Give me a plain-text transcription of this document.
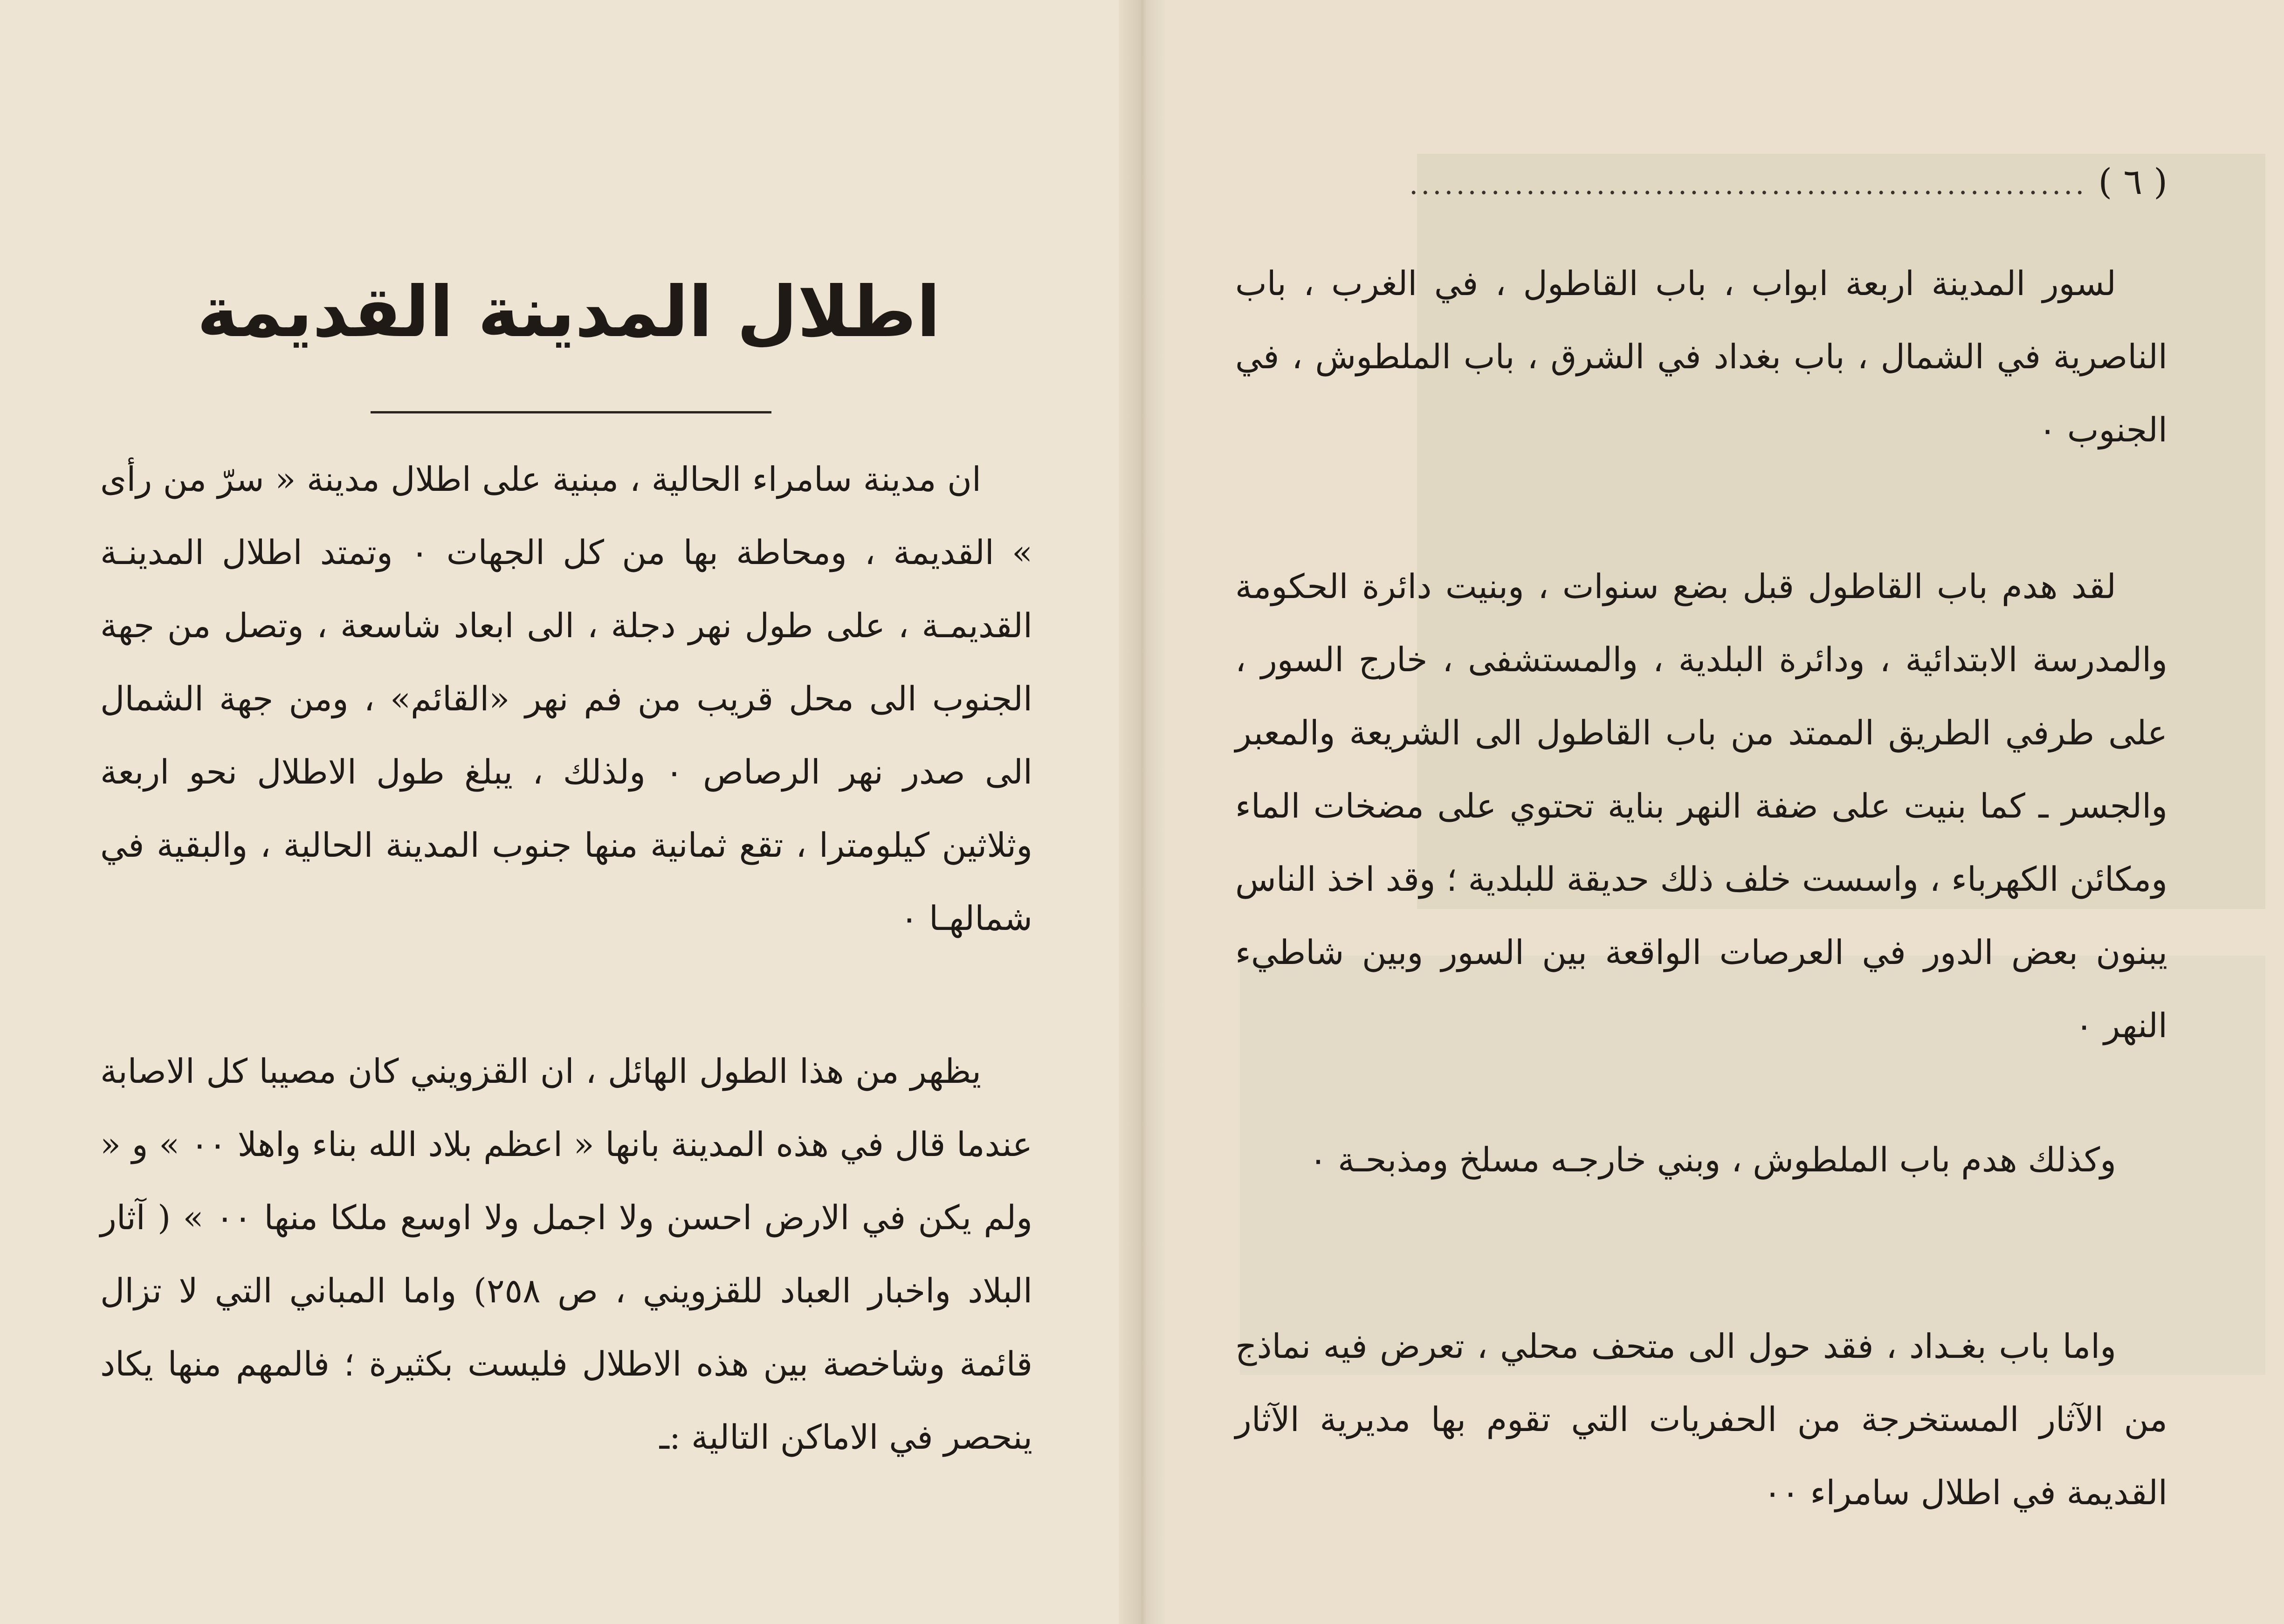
( ٦ ) ..........................................................
اطلال المدينة القديمة

ان مدينة سامراء الحالية ، مبنية على اطلال مدينة « سرّ من رأى » القديمة ، ومحاطة بها من كل الجهات ٠ وتمتد اطلال المدينـة القديمـة ، على طول نهر دجلة ، الى ابعاد شاسعة ، وتصل من جهة الجنوب الى محل قريب من فم نهر «القائم» ، ومن جهة الشمال الى صدر نهر الرصاص ٠ ولذلك ، يبلغ طول الاطلال نحو اربعة وثلاثين كيلومترا ، تقع ثمانية منها جنوب المدينة الحالية ، والبقية في شمالهـا ٠

يظهر من هذا الطول الهائل ، ان القزويني كان مصيبا كل الاصابة عندما قال في هذه المدينة بانها « اعظم بلاد الله بناء واهلا ٠٠ » و « ولم يكن في الارض احسن ولا اجمل ولا اوسع ملكا منها ٠٠ » ( آثار البلاد واخبار العباد للقزويني ، ص ٢٥٨) واما المباني التي لا تزال قائمة وشاخصة بين هذه الاطلال فليست بكثيرة ؛ فالمهم منها يكاد ينحصر في الاماكن التالية :ـ

لسور المدينة اربعة ابواب ، باب القاطول ، في الغرب ، باب الناصرية في الشمال ، باب بغداد في الشرق ، باب الملطوش ، في الجنوب ٠

لقد هدم باب القاطول قبل بضع سنوات ، وبنيت دائرة الحكومة والمدرسة الابتدائية ، ودائرة البلدية ، والمستشفى ، خارج السور ، على طرفي الطريق الممتد من باب القاطول الى الشريعة والمعبر والجسر ـ كما بنيت على ضفة النهر بناية تحتوي على مضخات الماء ومكائن الكهرباء ، واسست خلف ذلك حديقة للبلدية ؛ وقد اخذ الناس يبنون بعض الدور في العرصات الواقعة بين السور وبين شاطيء النهر ٠

وكذلك هدم باب الملطوش ، وبني خارجـه مسلخ ومذبحـة ٠

واما باب بغـداد ، فقد حول الى متحف محلي ، تعرض فيه نماذج من الآثار المستخرجة من الحفريات التي تقوم بها مديرية الآثار القديمة في اطلال سامراء ٠٠
